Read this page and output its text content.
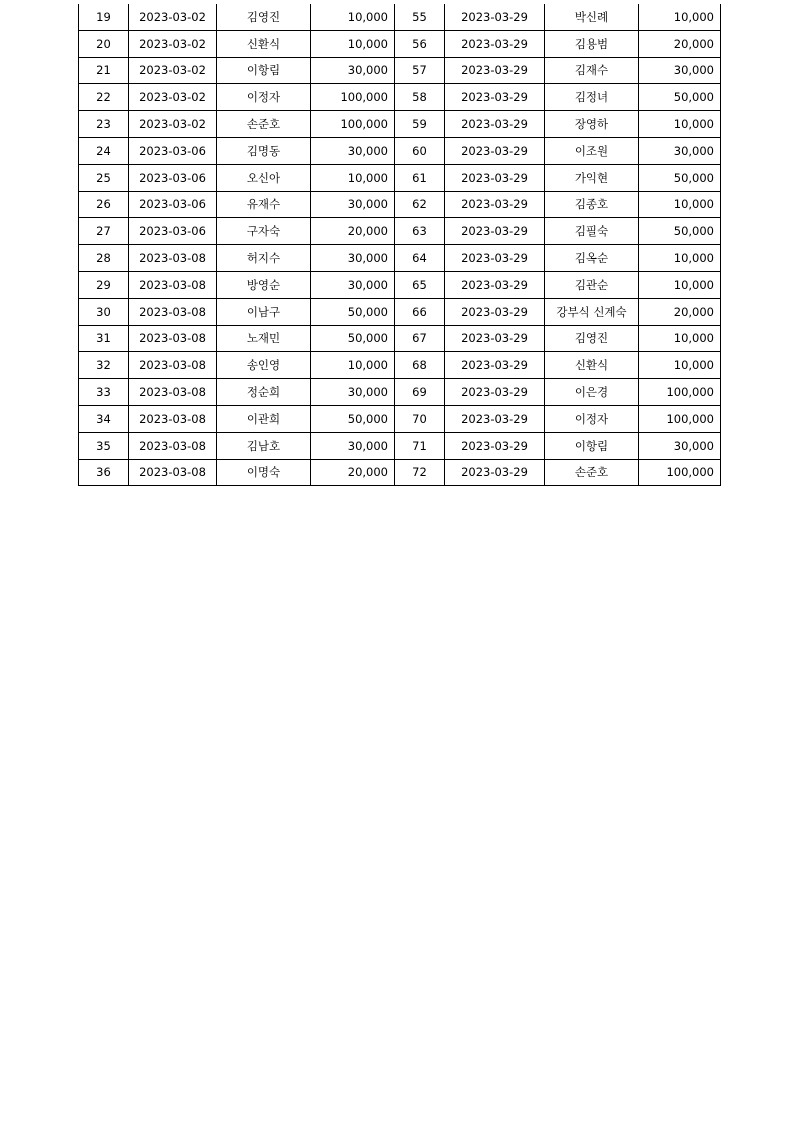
19	2023-03-02	김영진	10,000	55	2023-03-29	박신례	10,000
20	2023-03-02	신환식	10,000	56	2023-03-29	김용범	20,000
21	2023-03-02	이항림	30,000	57	2023-03-29	김재수	30,000
22	2023-03-02	이정자	100,000	58	2023-03-29	김정녀	50,000
23	2023-03-02	손준호	100,000	59	2023-03-29	장영하	10,000
24	2023-03-06	김명동	30,000	60	2023-03-29	이조원	30,000
25	2023-03-06	오신아	10,000	61	2023-03-29	가익현	50,000
26	2023-03-06	유재수	30,000	62	2023-03-29	김종호	10,000
27	2023-03-06	구자숙	20,000	63	2023-03-29	김필숙	50,000
28	2023-03-08	허지수	30,000	64	2023-03-29	김옥순	10,000
29	2023-03-08	방영순	30,000	65	2023-03-29	김관순	10,000
30	2023-03-08	이남구	50,000	66	2023-03-29	강부식 신계숙	20,000
31	2023-03-08	노재민	50,000	67	2023-03-29	김영진	10,000
32	2023-03-08	송인영	10,000	68	2023-03-29	신환식	10,000
33	2023-03-08	정순희	30,000	69	2023-03-29	이은경	100,000
34	2023-03-08	이관희	50,000	70	2023-03-29	이정자	100,000
35	2023-03-08	김남호	30,000	71	2023-03-29	이항림	30,000
36	2023-03-08	이명숙	20,000	72	2023-03-29	손준호	100,000
